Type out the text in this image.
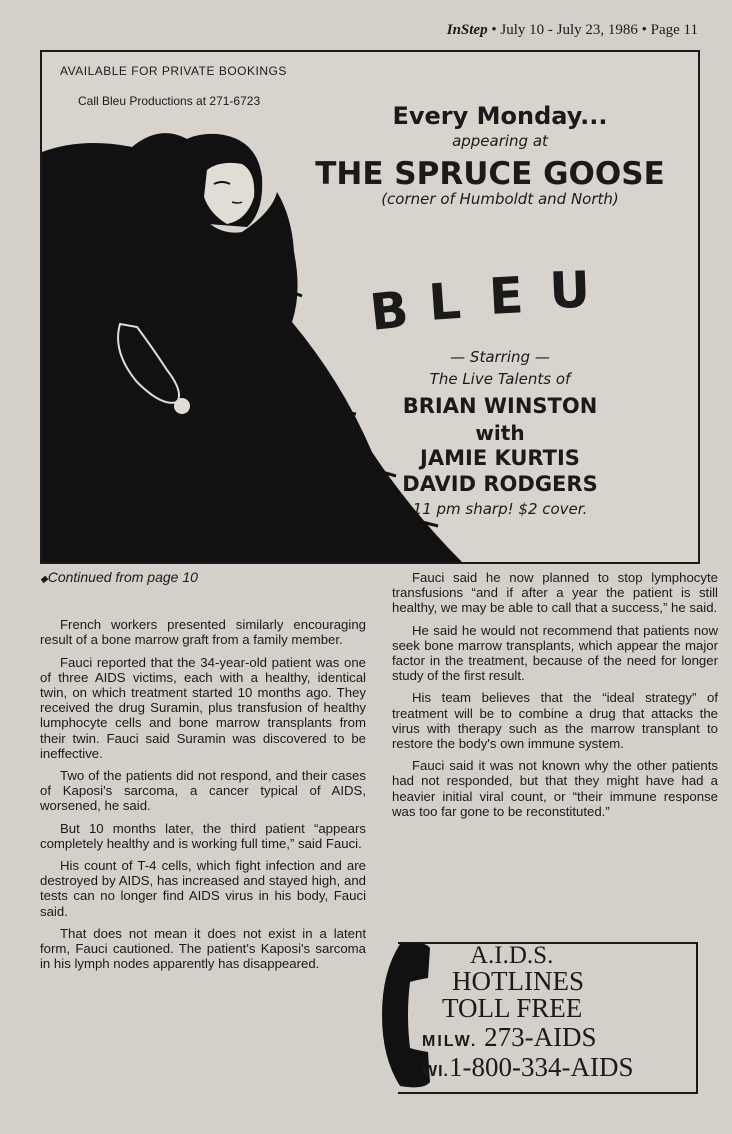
InStep • July 10 - July 23, 1986 • Page 11
B L E U
AVAILABLE FOR PRIVATE BOOKINGS
Call Bleu Productions at 271-6723
Every Monday...
appearing at
THE SPRUCE GOOSE
(corner of Humboldt and North)
— Starring —
The Live Talents of
BRIAN WINSTON
with
JAMIE KURTIS
DAVID RODGERS
11 pm sharp! $2 cover.
◆Continued from page 10

French workers presented similarly encouraging result of a bone marrow graft from a family member.

Fauci reported that the 34-year-old patient was one of three AIDS victims, each with a healthy, identical twin, on which treatment started 10 months ago. They received the drug Suramin, plus transfusion of healthy lumphocyte cells and bone marrow transplants from their twin. Fauci said Suramin was discovered to be ineffective.

Two of the patients did not respond, and their cases of Kaposi's sarcoma, a cancer typical of AIDS, worsened, he said.

But 10 months later, the third patient “appears completely healthy and is working full time,” said Fauci.

His count of T-4 cells, which fight infection and are destroyed by AIDS, has increased and stayed high, and tests can no longer find AIDS virus in his body, Fauci said.

That does not mean it does not exist in a latent form, Fauci cautioned. The patient's Kaposi's sarcoma in his lymph nodes apparently has disappeared.

Fauci said he now planned to stop lymphocyte transfusions “and if after a year the patient is still healthy, we may be able to call that a success,” he said.

He said he would not recommend that patients now seek bone marrow transplants, which appear the major factor in the treatment, because of the need for longer study of the first result.

His team believes that the “ideal strategy” of treatment will be to combine a drug that attacks the virus with therapy such as the marrow transplant to restore the body's own immune system.

Fauci said it was not known why the other patients had not responded, but that they might have had a heavier initial viral count, or “their immune response was too far gone to be reconstituted.”

A.I.D.S.
HOTLINES
TOLL FREE
MILW. 273-AIDS
WI.1-800-334-AIDS
